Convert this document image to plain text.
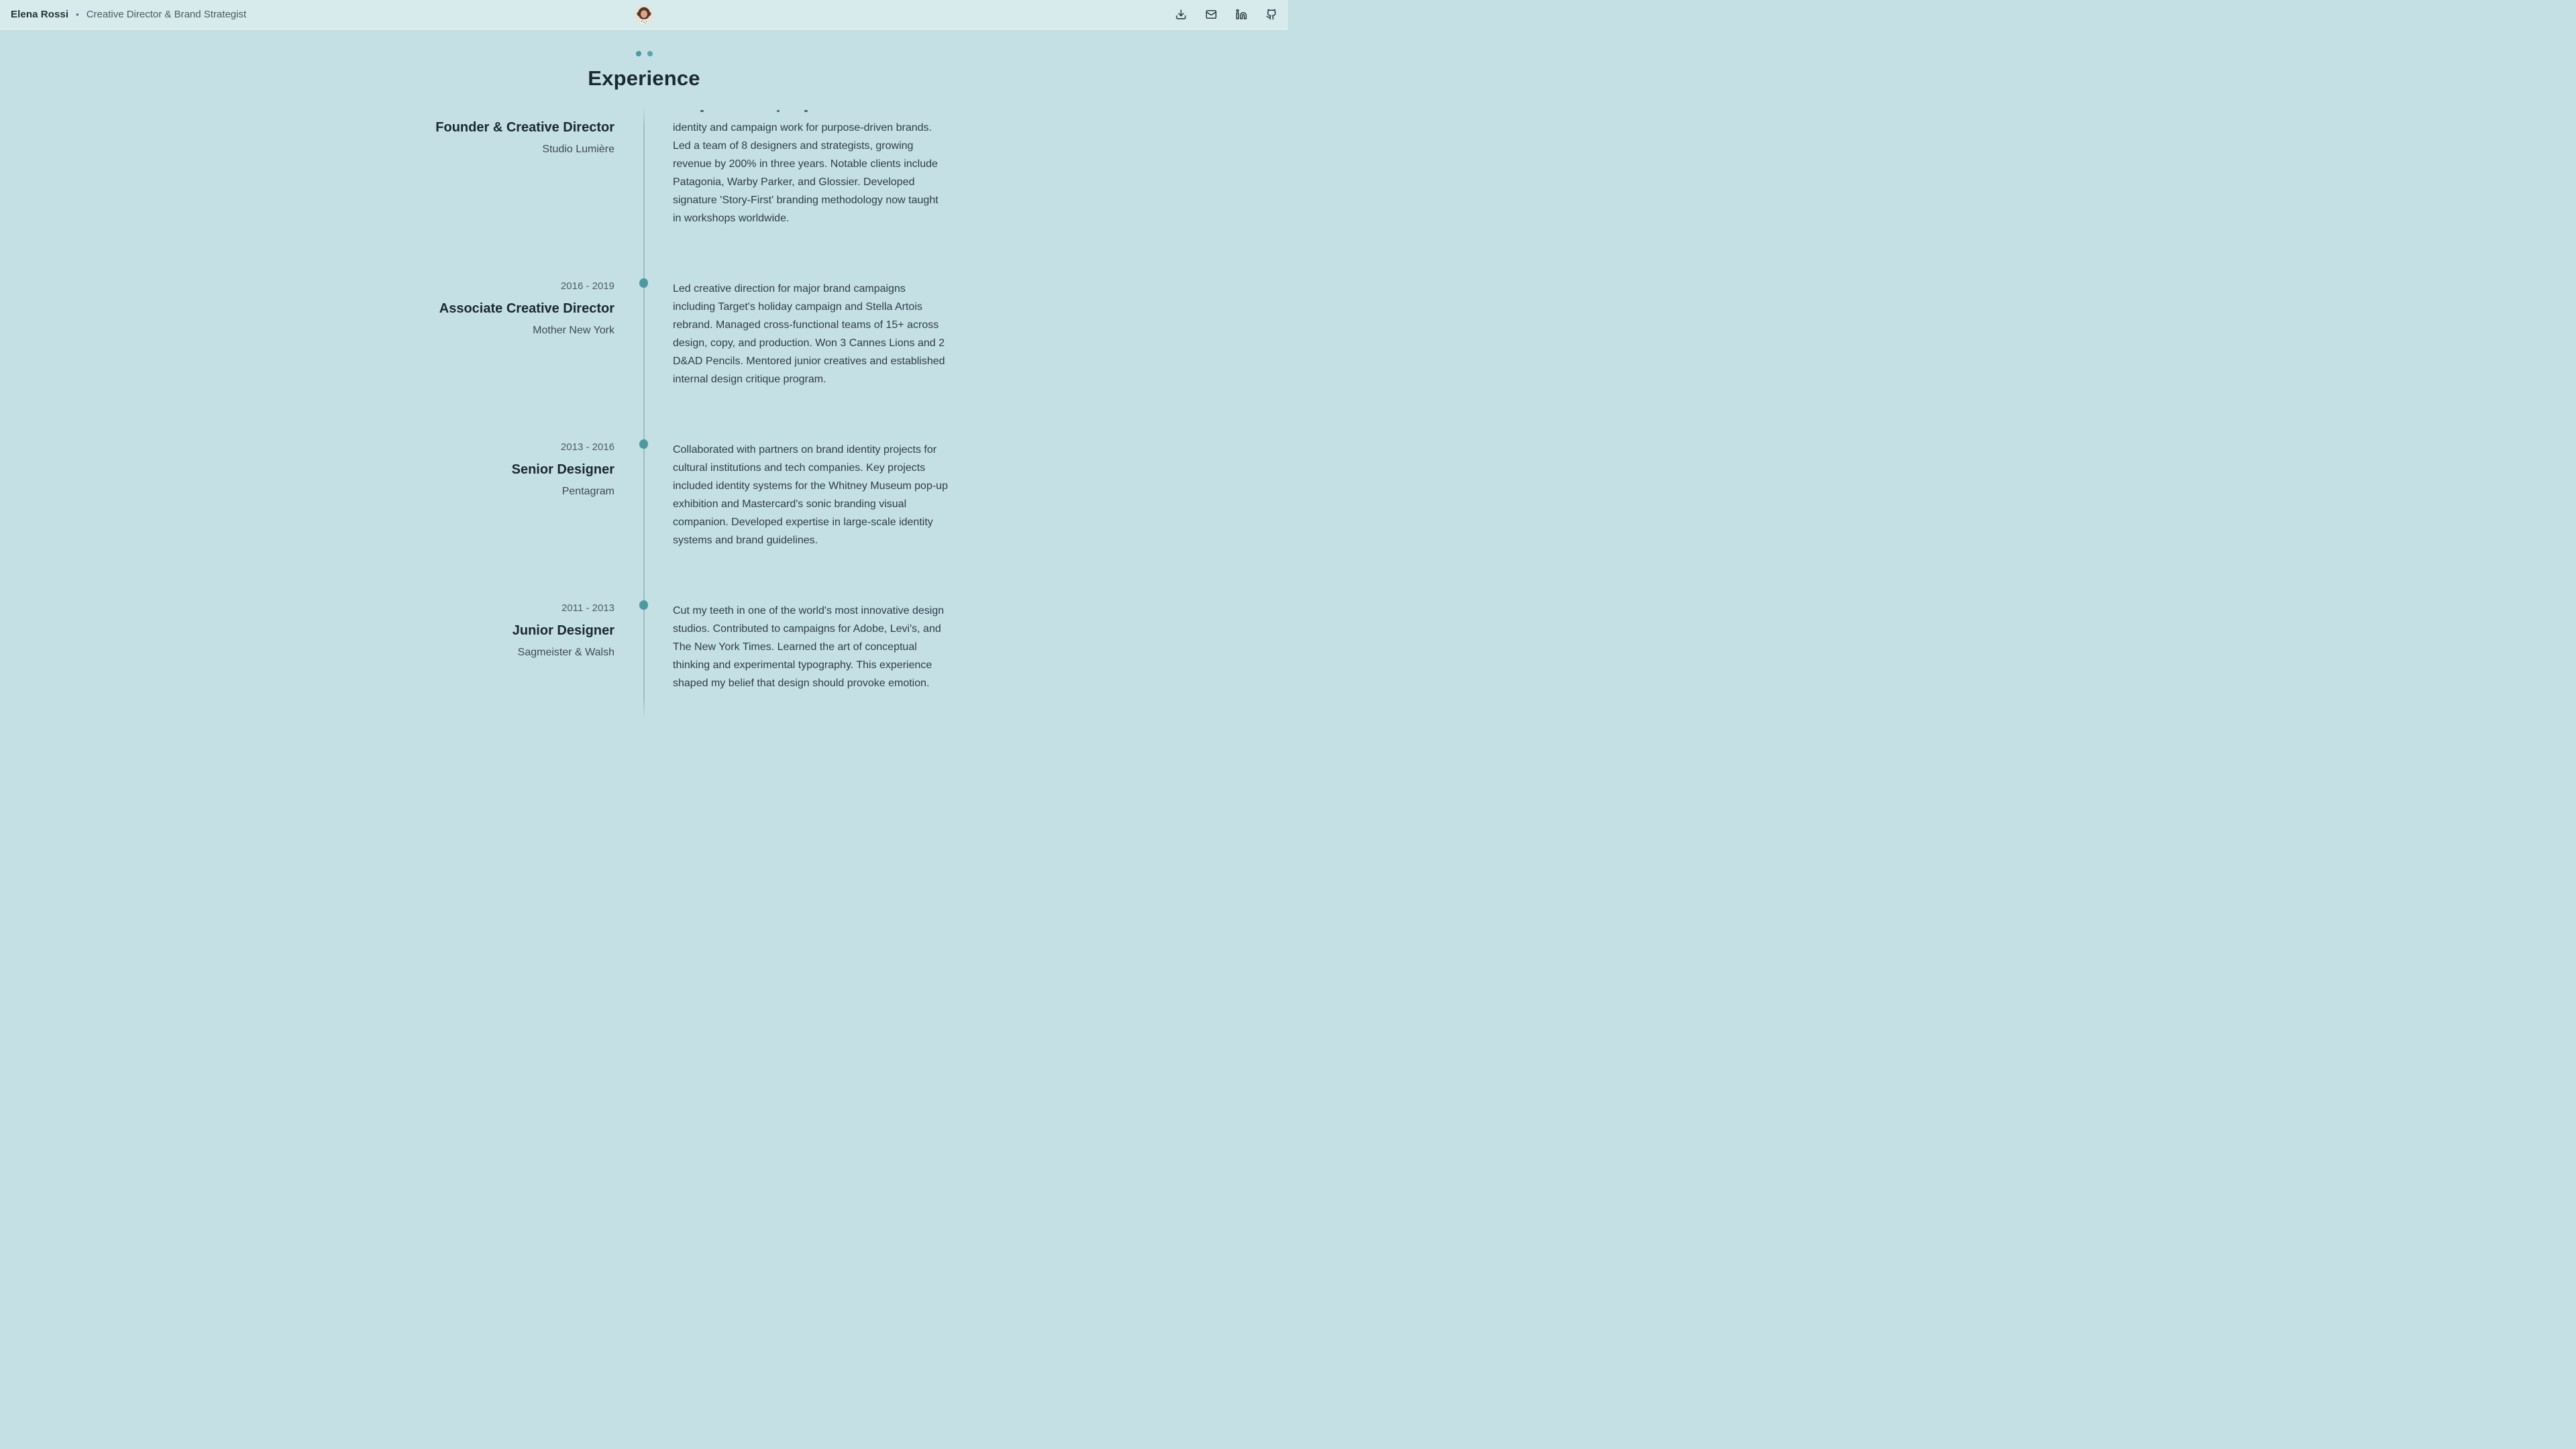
Elena Rossi • Creative Director & Brand Strategist
Experience
Founder & Creative Director
Studio Lumière

identity and campaign work for purpose-driven brands. Led a team of 8 designers and strategists, growing revenue by 200% in three years. Notable clients include Patagonia, Warby Parker, and Glossier. Developed signature 'Story-First' branding methodology now taught in workshops worldwide.

2016 - 2019
Associate Creative Director
Mother New York

Led creative direction for major brand campaigns including Target's holiday campaign and Stella Artois rebrand. Managed cross-functional teams of 15+ across design, copy, and production. Won 3 Cannes Lions and 2 D&AD Pencils. Mentored junior creatives and established internal design critique program.

2013 - 2016
Senior Designer
Pentagram

Collaborated with partners on brand identity projects for cultural institutions and tech companies. Key projects included identity systems for the Whitney Museum pop-up exhibition and Mastercard's sonic branding visual companion. Developed expertise in large-scale identity systems and brand guidelines.

2011 - 2013
Junior Designer
Sagmeister & Walsh

Cut my teeth in one of the world's most innovative design studios. Contributed to campaigns for Adobe, Levi's, and The New York Times. Learned the art of conceptual thinking and experimental typography. This experience shaped my belief that design should provoke emotion.
